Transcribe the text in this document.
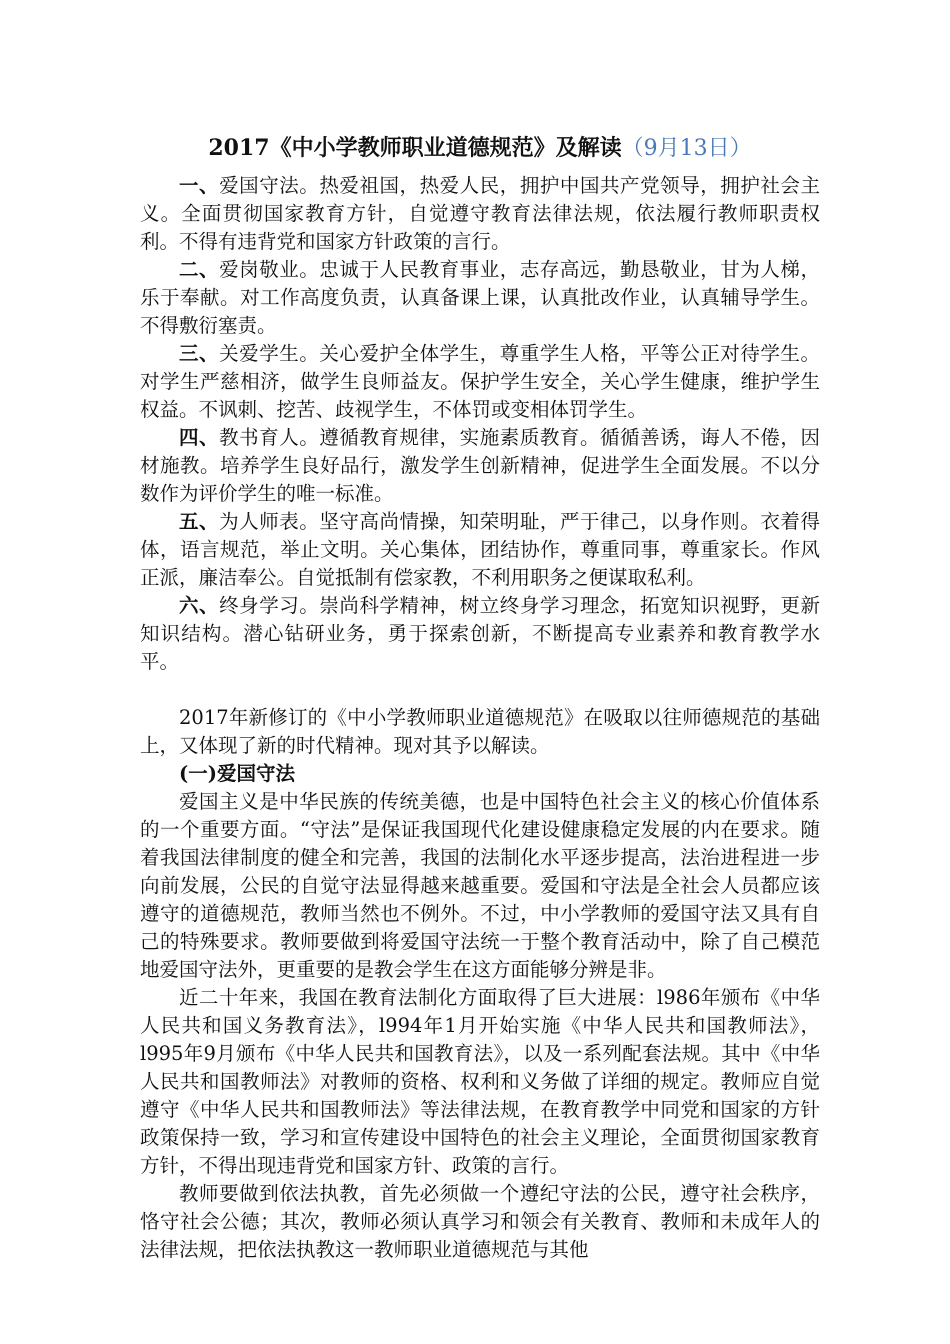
2017《中小学教师职业道德规范》及解读（9月13日）

一、爱国守法。热爱祖国，热爱人民，拥护中国共产党领导，拥护社会主义。全面贯彻国家教育方针，自觉遵守教育法律法规，依法履行教师职责权利。不得有违背党和国家方针政策的言行。

二、爱岗敬业。忠诚于人民教育事业，志存高远，勤恳敬业，甘为人梯，乐于奉献。对工作高度负责，认真备课上课，认真批改作业，认真辅导学生。不得敷衍塞责。

三、关爱学生。关心爱护全体学生，尊重学生人格，平等公正对待学生。对学生严慈相济，做学生良师益友。保护学生安全，关心学生健康，维护学生权益。不讽刺、挖苦、歧视学生，不体罚或变相体罚学生。

四、教书育人。遵循教育规律，实施素质教育。循循善诱，诲人不倦，因材施教。培养学生良好品行，激发学生创新精神，促进学生全面发展。不以分数作为评价学生的唯一标准。

五、为人师表。坚守高尚情操，知荣明耻，严于律己，以身作则。衣着得体，语言规范，举止文明。关心集体，团结协作，尊重同事，尊重家长。作风正派，廉洁奉公。自觉抵制有偿家教，不利用职务之便谋取私利。

六、终身学习。崇尚科学精神，树立终身学习理念，拓宽知识视野，更新知识结构。潜心钻研业务，勇于探索创新，不断提高专业素养和教育教学水平。

2017年新修订的《中小学教师职业道德规范》在吸取以往师德规范的基础上，又体现了新的时代精神。现对其予以解读。

(一)爱国守法

爱国主义是中华民族的传统美德，也是中国特色社会主义的核心价值体系的一个重要方面。“守法”是保证我国现代化建设健康稳定发展的内在要求。随着我国法律制度的健全和完善，我国的法制化水平逐步提高，法治进程进一步向前发展，公民的自觉守法显得越来越重要。爱国和守法是全社会人员都应该遵守的道德规范，教师当然也不例外。不过，中小学教师的爱国守法又具有自己的特殊要求。教师要做到将爱国守法统一于整个教育活动中，除了自己模范地爱国守法外，更重要的是教会学生在这方面能够分辨是非。

近二十年来，我国在教育法制化方面取得了巨大进展：l986年颁布《中华人民共和国义务教育法》，l994年1月开始实施《中华人民共和国教师法》，l995年9月颁布《中华人民共和国教育法》，以及一系列配套法规。其中《中华人民共和国教师法》对教师的资格、权利和义务做了详细的规定。教师应自觉遵守《中华人民共和国教师法》等法律法规，在教育教学中同党和国家的方针政策保持一致，学习和宣传建设中国特色的社会主义理论，全面贯彻国家教育方针，不得出现违背党和国家方针、政策的言行。

教师要做到依法执教，首先必须做一个遵纪守法的公民，遵守社会秩序，恪守社会公德；其次，教师必须认真学习和领会有关教育、教师和未成年人的法律法规，把依法执教这一教师职业道德规范与其他
